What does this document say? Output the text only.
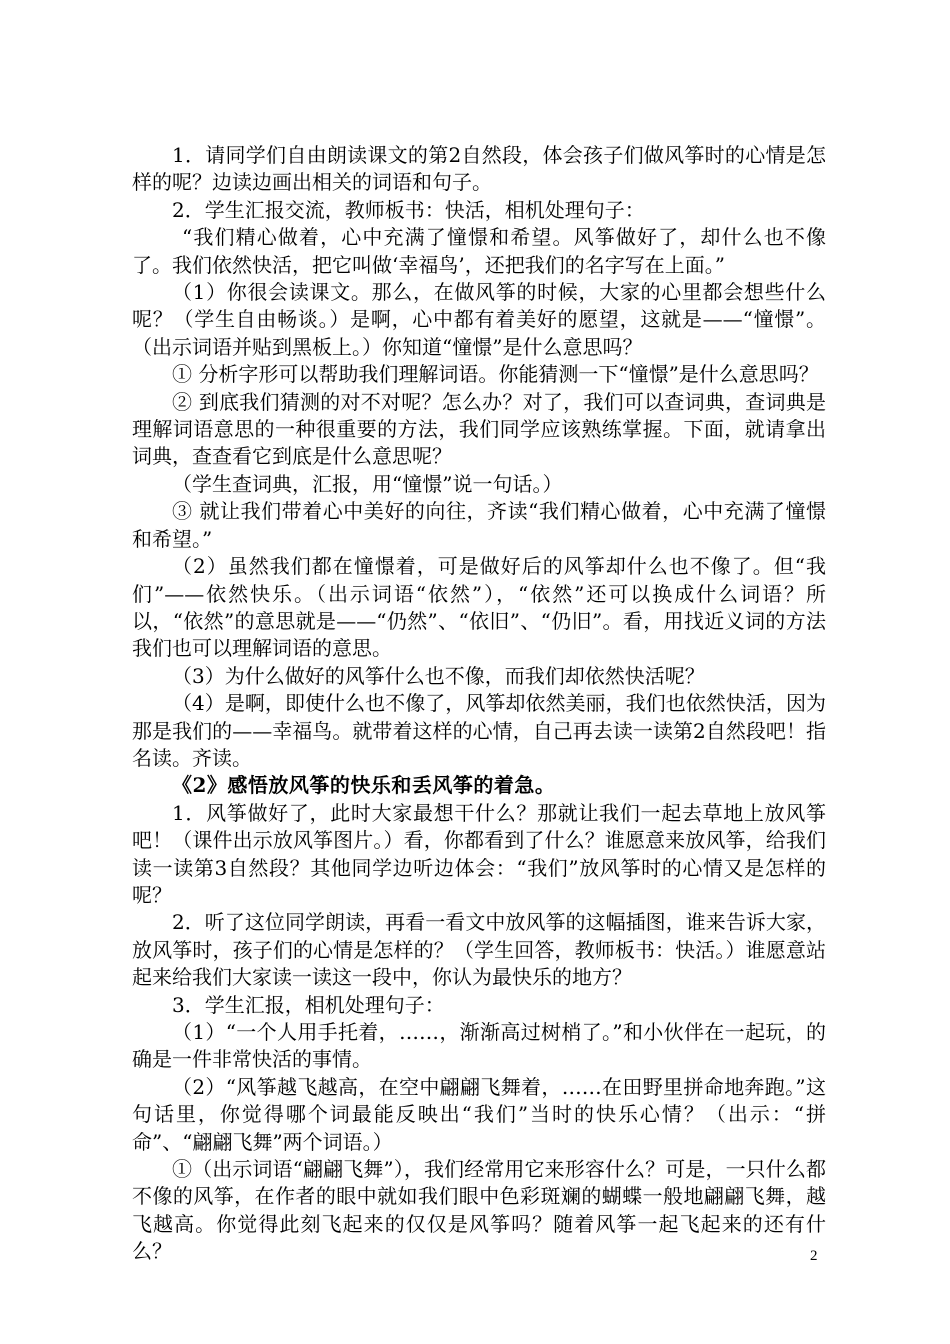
1．请同学们自由朗读课文的第2自然段，体会孩子们做风筝时的心情是怎样的呢？边读边画出相关的词语和句子。

2．学生汇报交流，教师板书：快活，相机处理句子：

“我们精心做着，心中充满了憧憬和希望。风筝做好了，却什么也不像了。我们依然快活，把它叫做‘幸福鸟’，还把我们的名字写在上面。”

（1）你很会读课文。那么，在做风筝的时候，大家的心里都会想些什么呢？（学生自由畅谈。）是啊，心中都有着美好的愿望，这就是——“憧憬”。（出示词语并贴到黑板上。）你知道“憧憬”是什么意思吗？

① 分析字形可以帮助我们理解词语。你能猜测一下“憧憬”是什么意思吗？

② 到底我们猜测的对不对呢？怎么办？对了，我们可以查词典，查词典是理解词语意思的一种很重要的方法，我们同学应该熟练掌握。下面，就请拿出词典，查查看它到底是什么意思呢？

（学生查词典，汇报，用“憧憬”说一句话。）

③ 就让我们带着心中美好的向往，齐读“我们精心做着，心中充满了憧憬和希望。”

（2）虽然我们都在憧憬着，可是做好后的风筝却什么也不像了。但“我们”——依然快乐。（出示词语“依然”），“依然”还可以换成什么词语？所以，“依然”的意思就是——“仍然”、“依旧”、“仍旧”。看，用找近义词的方法我们也可以理解词语的意思。

（3）为什么做好的风筝什么也不像，而我们却依然快活呢？

（4）是啊，即使什么也不像了，风筝却依然美丽，我们也依然快活，因为那是我们的——幸福鸟。就带着这样的心情，自己再去读一读第2自然段吧！指名读。齐读。

《2》感悟放风筝的快乐和丢风筝的着急。

1．风筝做好了，此时大家最想干什么？那就让我们一起去草地上放风筝吧！（课件出示放风筝图片。）看，你都看到了什么？谁愿意来放风筝，给我们读一读第3自然段？其他同学边听边体会：“我们”放风筝时的心情又是怎样的呢？

2．听了这位同学朗读，再看一看文中放风筝的这幅插图，谁来告诉大家，放风筝时，孩子们的心情是怎样的？（学生回答，教师板书：快活。）谁愿意站起来给我们大家读一读这一段中，你认为最快乐的地方？

3．学生汇报，相机处理句子：

（1）“一个人用手托着，……，渐渐高过树梢了。”和小伙伴在一起玩，的确是一件非常快活的事情。

（2）“风筝越飞越高，在空中翩翩飞舞着，……在田野里拼命地奔跑。”这句话里，你觉得哪个词最能反映出“我们”当时的快乐心情？（出示：“拼命”、“翩翩飞舞”两个词语。）

①（出示词语“翩翩飞舞”），我们经常用它来形容什么？可是，一只什么都不像的风筝，在作者的眼中就如我们眼中色彩斑斓的蝴蝶一般地翩翩飞舞，越飞越高。你觉得此刻飞起来的仅仅是风筝吗？随着风筝一起飞起来的还有什么？	2
